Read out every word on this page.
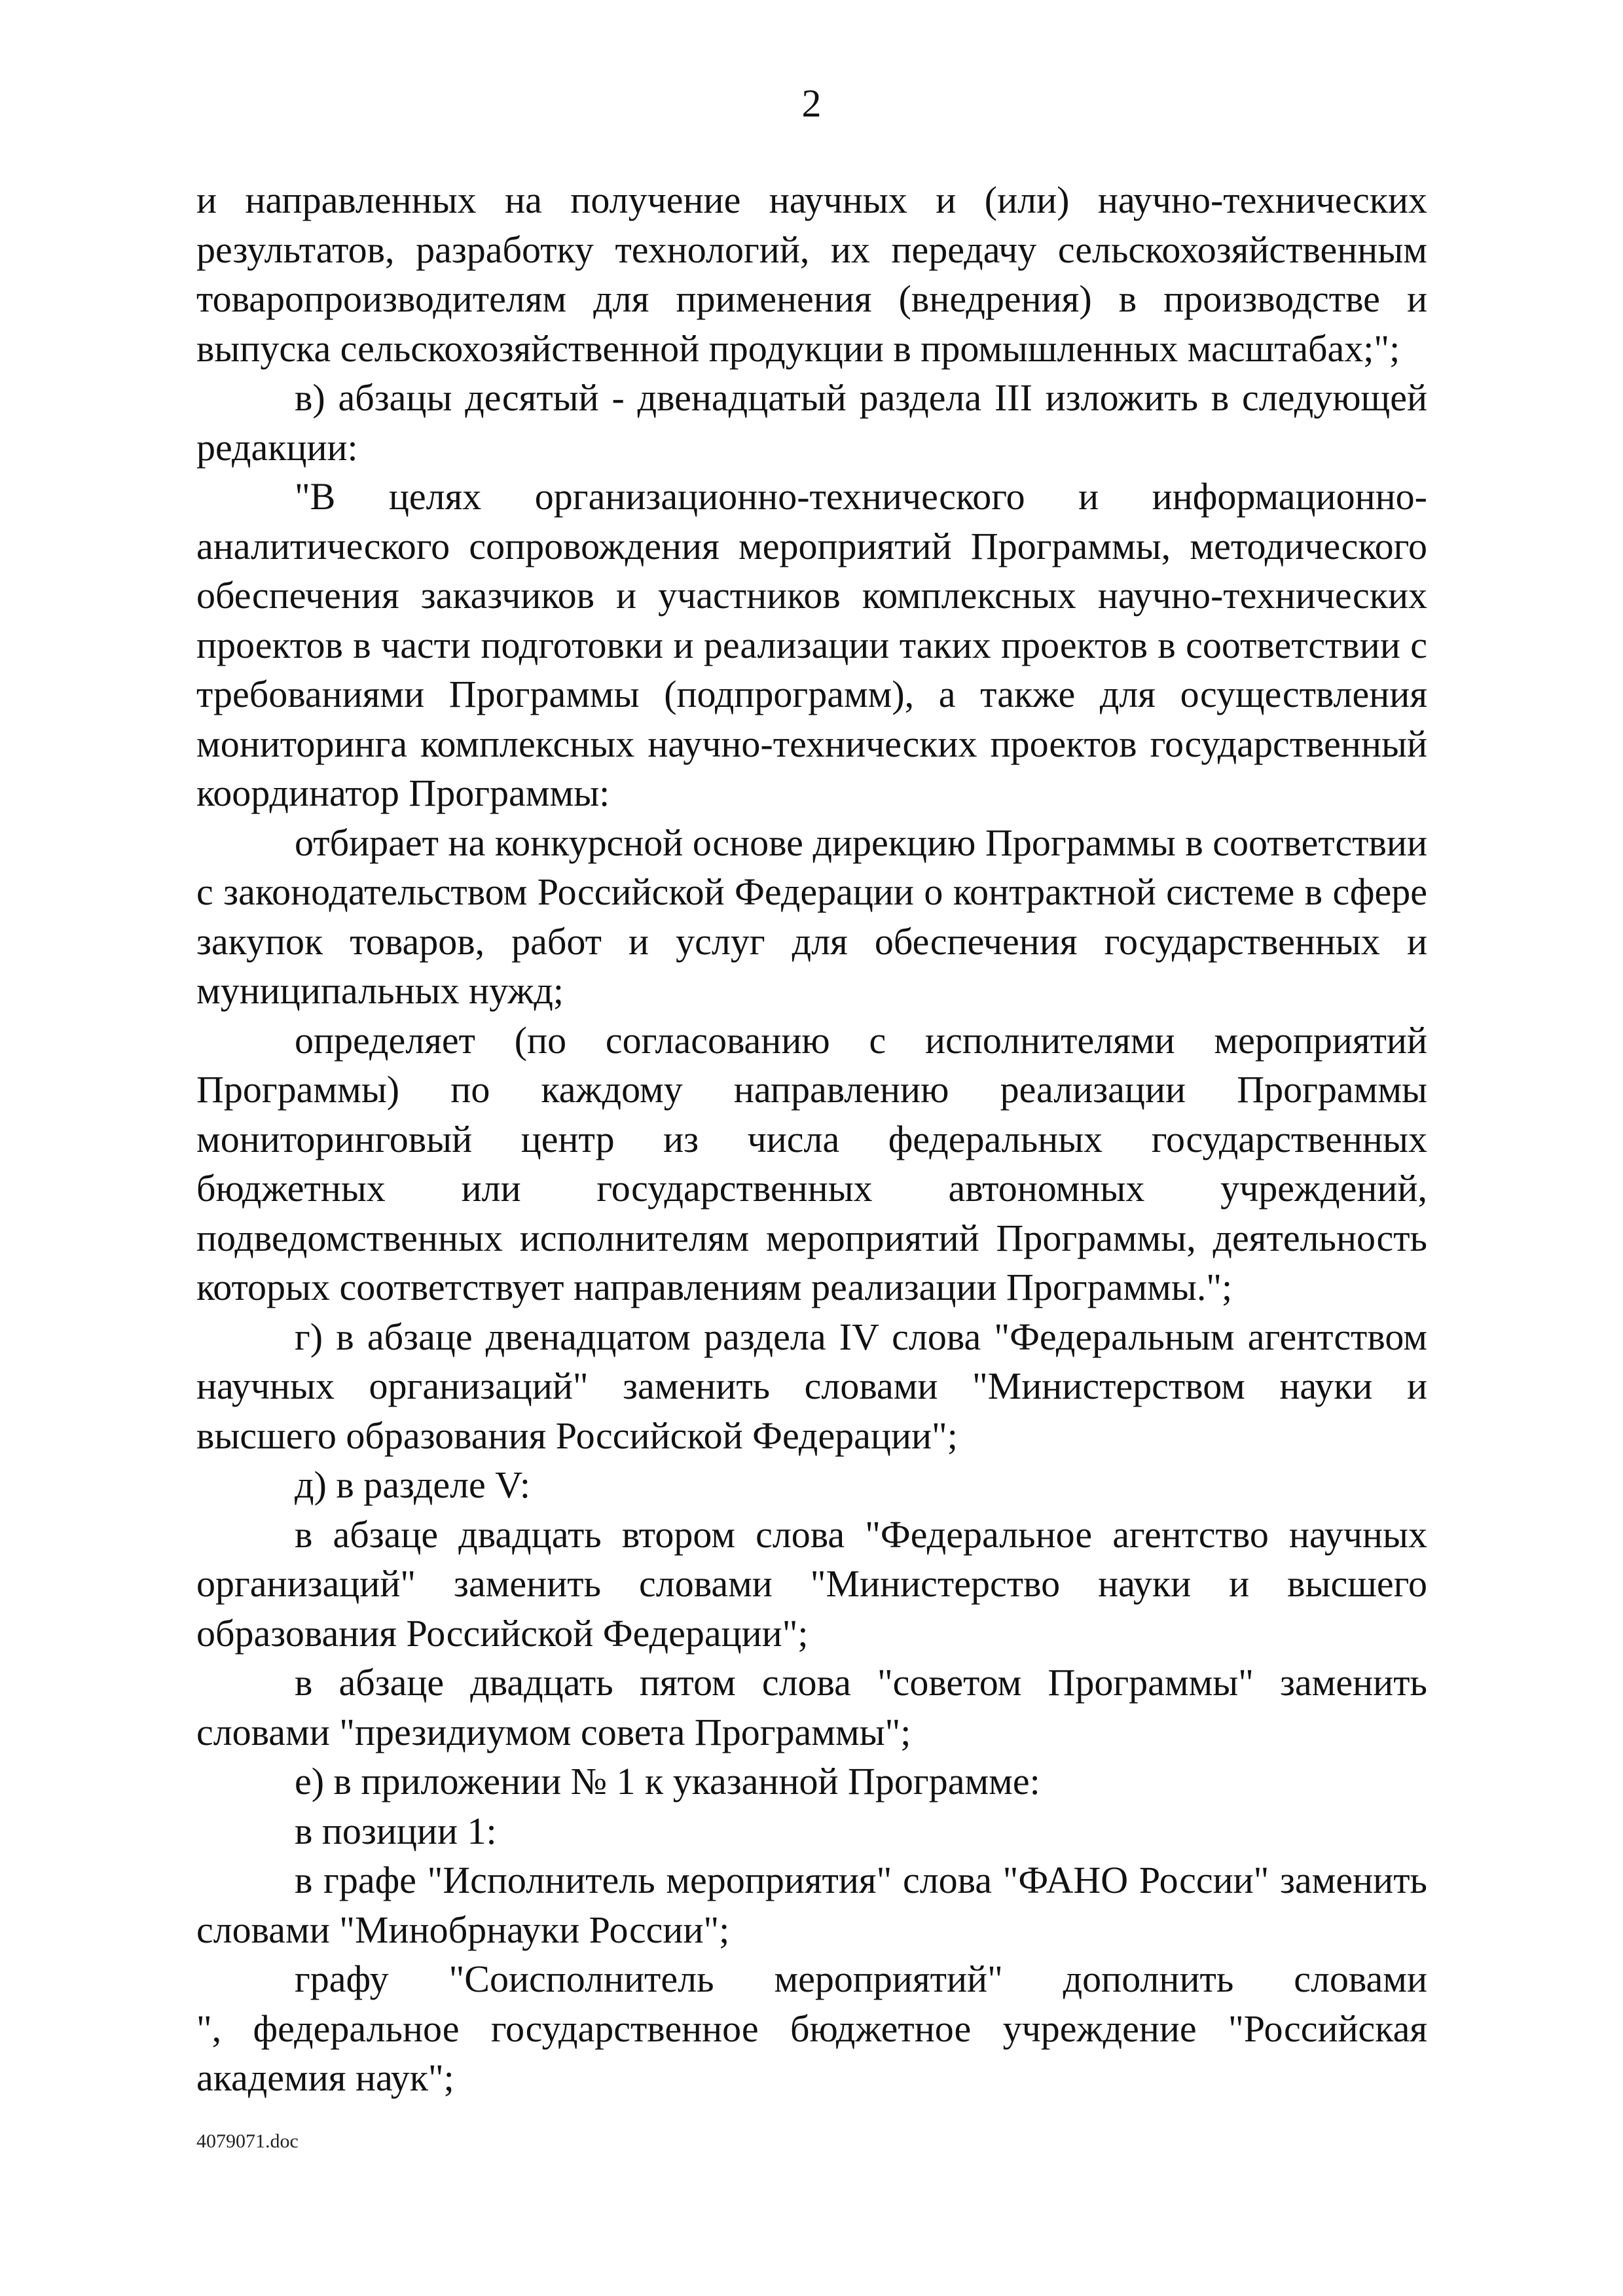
2

и направленных на получение научных и (или) научно-технических результатов, разработку технологий, их передачу сельскохозяйственным товаропроизводителям для применения (внедрения) в производстве и выпуска сельскохозяйственной продукции в промышленных масштабах;";

в) абзацы десятый - двенадцатый раздела III изложить в следующей редакции:

"В целях организационно-технического и информационно-аналитического сопровождения мероприятий Программы, методического обеспечения заказчиков и участников комплексных научно-технических проектов в части подготовки и реализации таких проектов в соответствии с требованиями Программы (подпрограмм), а также для осуществления мониторинга комплексных научно-технических проектов государственный координатор Программы:

отбирает на конкурсной основе дирекцию Программы в соответствии с законодательством Российской Федерации о контрактной системе в сфере закупок товаров, работ и услуг для обеспечения государственных и муниципальных нужд;

определяет (по согласованию с исполнителями мероприятий Программы) по каждому направлению реализации Программы мониторинговый центр из числа федеральных государственных бюджетных или государственных автономных учреждений, подведомственных исполнителям мероприятий Программы, деятельность которых соответствует направлениям реализации Программы.";

г) в абзаце двенадцатом раздела IV слова "Федеральным агентством научных организаций" заменить словами "Министерством науки и высшего образования Российской Федерации";

д) в разделе V:

в абзаце двадцать втором слова "Федеральное агентство научных организаций" заменить словами "Министерство науки и высшего образования Российской Федерации";

в абзаце двадцать пятом слова "советом Программы" заменить словами "президиумом совета Программы";

е) в приложении № 1 к указанной Программе:

в позиции 1:

в графе "Исполнитель мероприятия" слова "ФАНО России" заменить словами "Минобрнауки России";

графу "Соисполнитель мероприятий" дополнить словами

", федеральное государственное бюджетное учреждение "Российская академия наук";

4079071.doc
